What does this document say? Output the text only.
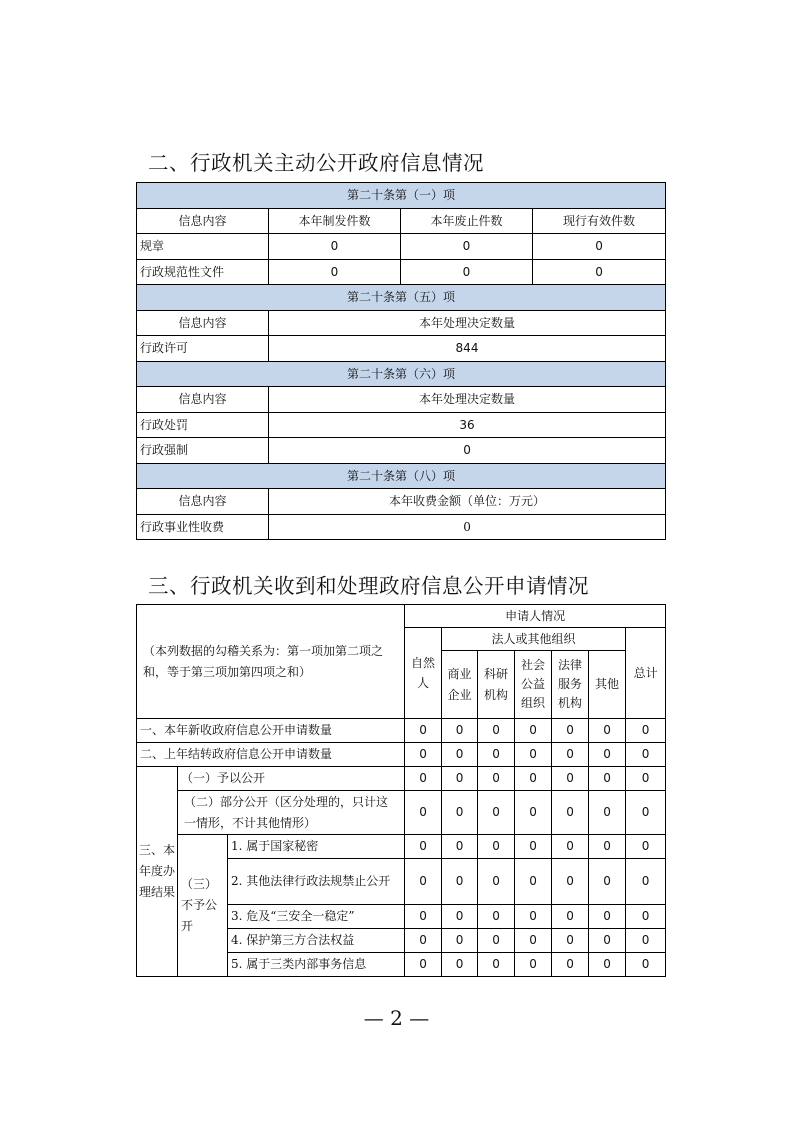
二、行政机关主动公开政府信息情况
第二十条第（一）项			
信息内容	本年制发件数	本年废止件数	现行有效件数
规章	0	0	0
行政规范性文件	0	0	0
第二十条第（五）项			
信息内容	本年处理决定数量		
行政许可	844		
第二十条第（六）项			
信息内容	本年处理决定数量		
行政处罚	36		
行政强制	0		
第二十条第（八）项			
信息内容	本年收费金额（单位：万元）		
行政事业性收费	0		
三、行政机关收到和处理政府信息公开申请情况
（本列数据的勾稽关系为：第一项加第二项之和，等于第三项加第四项之和）			申请人情况						
			自然人	法人或其他组织					总计
				商业企业	科研机构	社会公益组织	法律服务机构	其他	

一、本年新收政府信息公开申请数量			0	0	0	0	0	0	0
二、上年结转政府信息公开申请数量			0	0	0	0	0	0	0
三、本年度办理结果	（一）予以公开		0	0	0	0	0	0	0
	（二）部分公开（区分处理的，只计这一情形，不计其他情形）		0	0	0	0	0	0	0
	（三）不予公开	1. 属于国家秘密	0	0	0	0	0	0	0
		2. 其他法律行政法规禁止公开	0	0	0	0	0	0	0
		3. 危及“三安全一稳定”	0	0	0	0	0	0	0
		4. 保护第三方合法权益	0	0	0	0	0	0	0
		5. 属于三类内部事务信息	0	0	0	0	0	0	0
— 2 —
